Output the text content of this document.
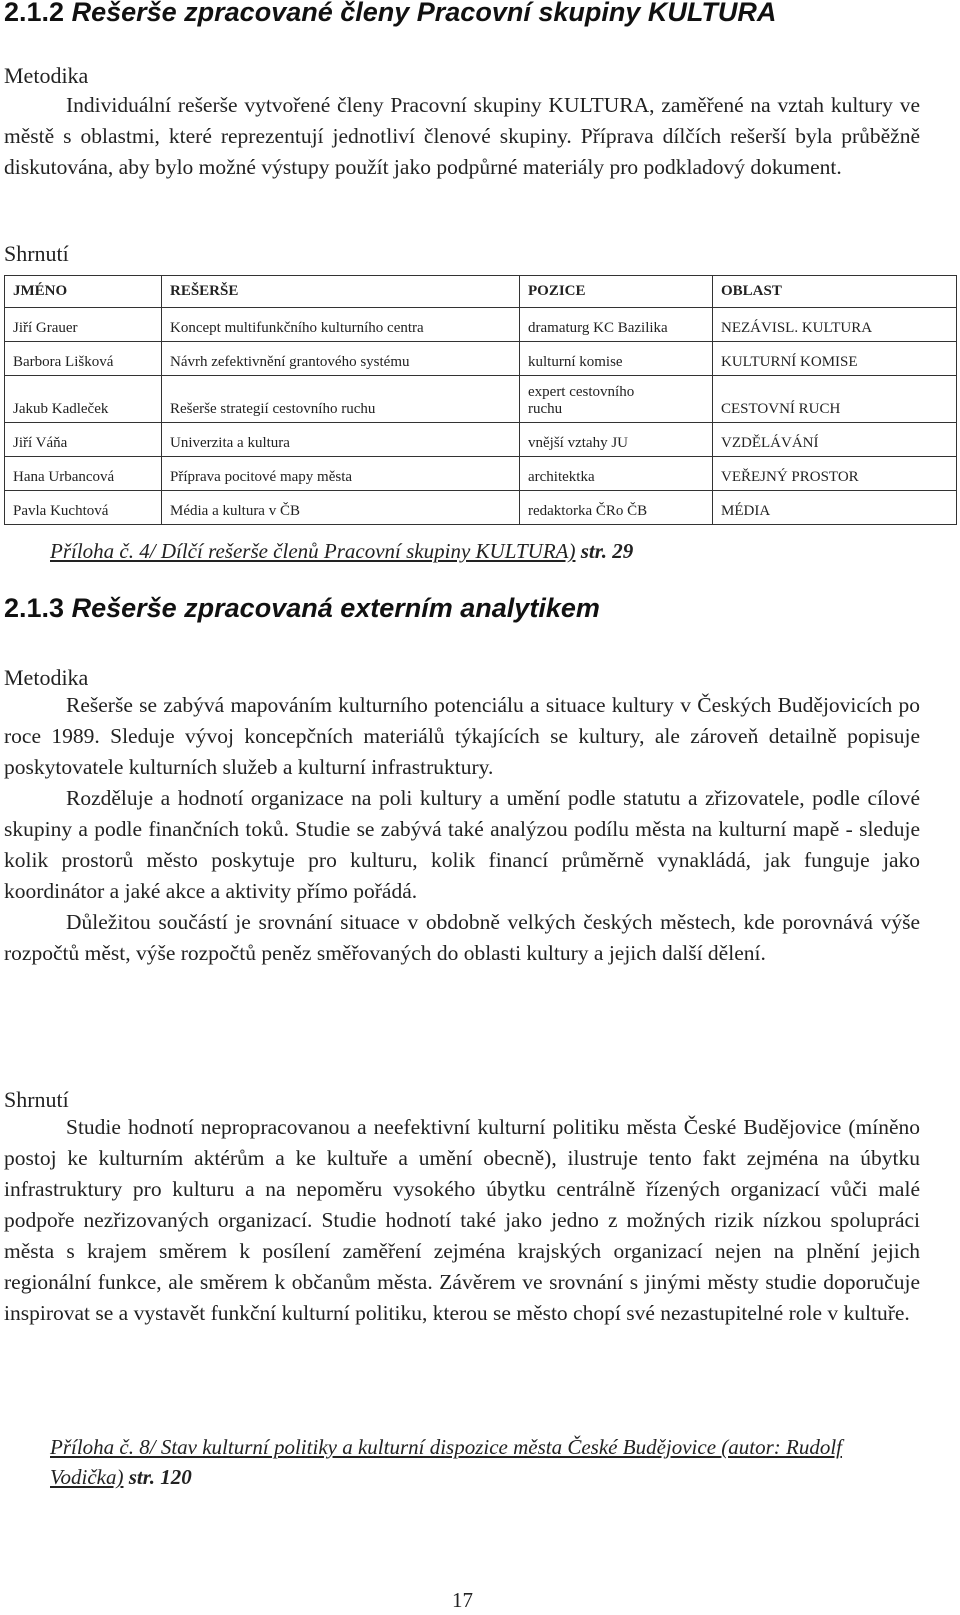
2.1.2 Rešerše zpracované členy Pracovní skupiny KULTURA
Metodika

Individuální rešerše vytvořené členy Pracovní skupiny KULTURA, zaměřené na vztah kultury ve městě s oblastmi, které reprezentují jednotliví členové skupiny. Příprava dílčích rešerší byla průběžně diskutována, aby bylo možné výstupy použít jako podpůrné materiály pro podkladový dokument.

Shrnutí
JMÉNO	REŠERŠE	POZICE	OBLAST
Jiří Grauer	Koncept multifunkčního kulturního centra	dramaturg KC Bazilika	NEZÁVISL. KULTURA
Barbora Lišková	Návrh zefektivnění grantového systému	kulturní komise	KULTURNÍ KOMISE
Jakub Kadleček	Rešerše strategií cestovního ruchu	expert cestovního ruchu	CESTOVNÍ RUCH
Jiří Váňa	Univerzita a kultura	vnější vztahy JU	VZDĚLÁVÁNÍ
Hana Urbancová	Příprava pocitové mapy města	architektka	VEŘEJNÝ PROSTOR
Pavla Kuchtová	Média a kultura v ČB	redaktorka ČRo ČB	MÉDIA
Příloha č. 4/ Dílčí rešerše členů Pracovní skupiny KULTURA) str. 29
2.1.3 Rešerše zpracovaná externím analytikem
Metodika

Rešerše se zabývá mapováním kulturního potenciálu a situace kultury v Českých Budějovicích po roce 1989. Sleduje vývoj koncepčních materiálů týkajících se kultury, ale zároveň detailně popisuje poskytovatele kulturních služeb a kulturní infrastruktury.

Rozděluje a hodnotí organizace na poli kultury a umění podle statutu a zřizovatele, podle cílové skupiny a podle finančních toků. Studie se zabývá také analýzou podílu města na kulturní mapě - sleduje kolik prostorů město poskytuje pro kulturu, kolik financí průměrně vynakládá, jak funguje jako koordinátor a jaké akce a aktivity přímo pořádá.

Důležitou součástí je srovnání situace v obdobně velkých českých městech, kde porovnává výše rozpočtů měst, výše rozpočtů peněz směřovaných do oblasti kultury a jejich další dělení.

Shrnutí

Studie hodnotí nepropracovanou a neefektivní kulturní politiku města České Budějovice (míněno postoj ke kulturním aktérům a ke kultuře a umění obecně), ilustruje tento fakt zejména na úbytku infrastruktury pro kulturu a na nepoměru vysokého úbytku centrálně řízených organizací vůči malé podpoře nezřizovaných organizací. Studie hodnotí také jako jedno z možných rizik nízkou spolupráci města s krajem směrem k posílení zaměření zejména krajských organizací nejen na plnění jejich regionální funkce, ale směrem k občanům města. Závěrem ve srovnání s jinými městy studie doporučuje inspirovat se a vystavět funkční kulturní politiku, kterou se město chopí své nezastupitelné role v kultuře.

Příloha č. 8/ Stav kulturní politiky a kulturní dispozice města České Budějovice (autor: Rudolf Vodička) str. 120
17
